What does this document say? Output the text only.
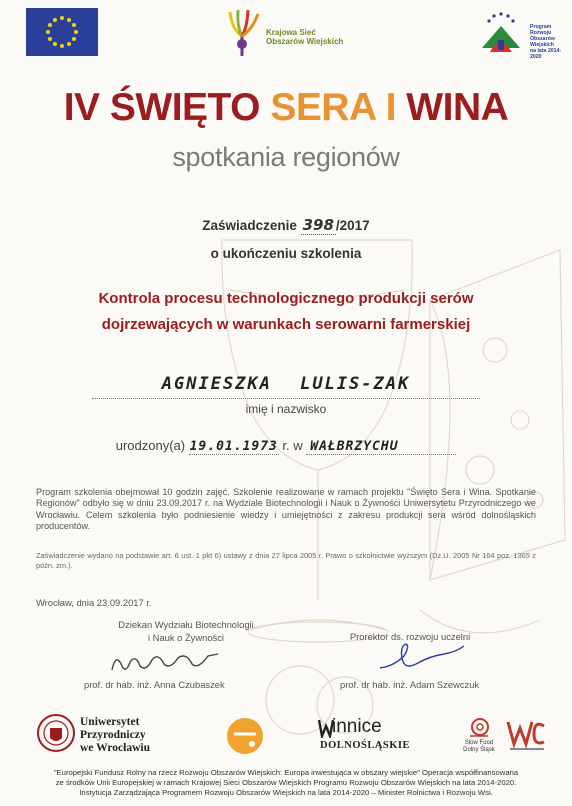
Krajowa Sieć
Obszarów Wiejskich
Program
Rozwoju
Obszarów
Wiejskich
na lata 2014-2020
IV ŚWIĘTO SERA I WINA
spotkania regionów
Zaświadczenie 398 /2017
o ukończeniu szkolenia
Kontrola procesu technologicznego produkcji serów
dojrzewających w warunkach serowarni farmerskiej
AGNIESZKA LULIS-ZAK
imię i nazwisko
urodzony(a) 19.01.1973 r. w WAŁBRZYCHU
Program szkolenia obejmował 10 godzin zajęć. Szkolenie realizowane w ramach projektu "Święto Sera i Wina. Spotkanie Regionów" odbyło się w dniu 23.09.2017 r. na Wydziale Biotechnologii i Nauk o Żywności Uniwersytetu Przyrodniczego we Wrocławiu. Celem szkolenia było podniesienie wiedzy i umiejętności z zakresu produkcji sera wśród dolnośląskich producentów.
Zaświadczenie wydano na podstawie art. 6 ust. 1 pkt 6) ustawy z dnia 27 lipca 2005 r. Prawo o szkolnictwie wyższym (Dz.U. 2005 Nr 164 poz. 1365 z późn. zm.).
Wrocław, dnia 23.09.2017 r.
Dziekan Wydziału Biotechnologii
i Nauk o Żywności
prof. dr hab. inż. Anna Czubaszek
Prorektor ds. rozwoju uczelni
prof. dr hab. inż. Adam Szewczuk
Uniwersytet
Przyrodniczy
we Wrocławiu
innice
DOLNOŚLĄSKIE	Slow Food
Dolny Śląsk
"Europejski Fundusz Rolny na rzecz Rozwoju Obszarów Wiejskich: Europa inwestująca w obszary wiejskie" Operacja współfinansowana
ze środków Unii Europejskiej w ramach Krajowej Sieci Obszarów Wiejskich Programu Rozwoju Obszarów Wiejskich na lata 2014-2020.
Instytucja Zarządzająca Programem Rozwoju Obszarów Wiejskich na lata 2014-2020 – Minister Rolnictwa i Rozwoju Wsi.
